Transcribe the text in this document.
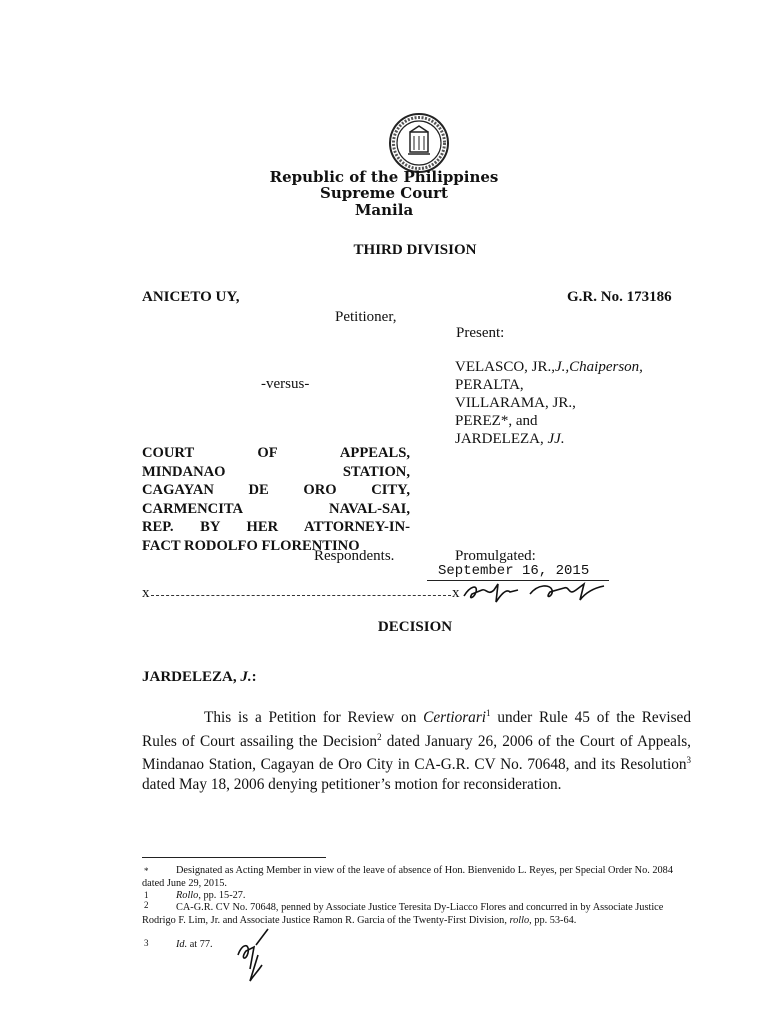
Republic of the Philippines
Supreme Court
Manila
THIRD DIVISION
ANICETO UY,	G.R. No. 173186
Petitioner,
Present:
VELASCO, JR.,J.,Chaiperson,
PERALTA,
VILLARAMA, JR.,
PEREZ*, and
JARDELEZA, JJ.
-versus-
COURT OF APPEALS,
MINDANAO STATION,
CAGAYAN DE ORO CITY,
CARMENCITA NAVAL-SAI,
REP. BY HER ATTORNEY-IN-
FACT RODOLFO FLORENTINO
Respondents.	Promulgated:
September 16, 2015
x	x
DECISION
JARDELEZA, J.:
This is a Petition for Review on Certiorari$^1$ under Rule 45 of the Revised Rules of Court assailing the Decision$^2$ dated January 26, 2006 of the Court of Appeals, Mindanao Station, Cagayan de Oro City in CA-G.R. CV No. 70648, and its Resolution$^3$ dated May 18, 2006 denying petitioner’s motion for reconsideration.
*	Designated as Acting Member in view of the leave of absence of Hon. Bienvenido L. Reyes, per Special Order No. 2084 dated June 29, 2015.
1	Rollo, pp. 15-27.
2	CA-G.R. CV No. 70648, penned by Associate Justice Teresita Dy-Liacco Flores and concurred in by Associate Justice Rodrigo F. Lim, Jr. and Associate Justice Ramon R. Garcia of the Twenty-First Division, rollo, pp. 53-64.
3	Id. at 77.
